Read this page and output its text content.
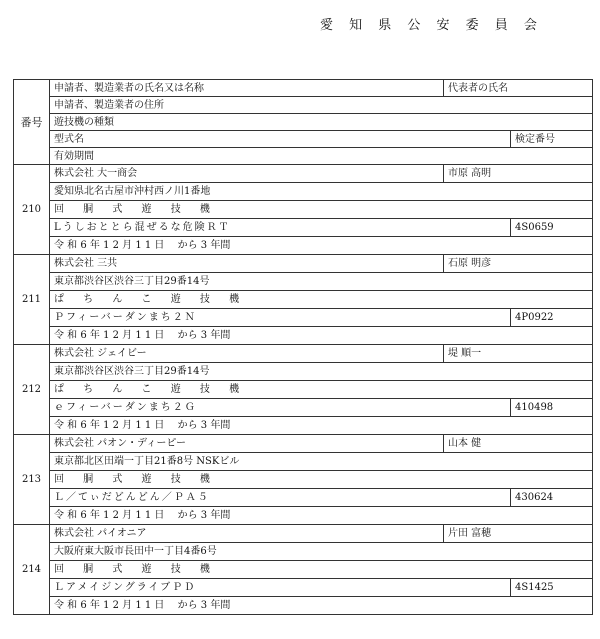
愛 知 県 公 安 委 員 会
番号	申請者、製造業者の氏名又は名称	代表者の氏名	
	申請者、製造業者の住所		
	遊技機の種類		
	型式名		検定番号
	有効期間		
210	株式会社 大一商会	市原 高明	
	愛知県北名古屋市沖村西ノ川1番地		
	回 胴 式 遊 技 機		
	Lうしおととら混ぜるな危険ＲＴ		4S0659
	令 和 6 年 1 2 月 1 1 日　 から 3 年間		
211	株式会社 三共	石原 明彦	
	東京都渋谷区渋谷三丁目29番14号		
	ぱ ち ん こ 遊 技 機		
	Ｐフィーバーダンまち２Ｎ		4P0922
	令 和 6 年 1 2 月 1 1 日　 から 3 年間		
212	株式会社 ジェイビー	堤 順一	
	東京都渋谷区渋谷三丁目29番14号		
	ぱ ち ん こ 遊 技 機		
	ｅフィーバーダンまち２Ｇ		410498
	令 和 6 年 1 2 月 1 1 日　 から 3 年間		
213	株式会社 パオン・ディーピー	山本 健	
	東京都北区田端一丁目21番8号 NSKビル		
	回 胴 式 遊 技 機		
	Ｌ／てぃだどんどん／ＰＡ５		430624
	令 和 6 年 1 2 月 1 1 日　 から 3 年間		
214	株式会社 パイオニア	片田 富穂	
	大阪府東大阪市長田中一丁目4番6号		
	回 胴 式 遊 技 機		
	ＬアメイジングライブＰＤ		4S1425
	令 和 6 年 1 2 月 1 1 日　 から 3 年間		
